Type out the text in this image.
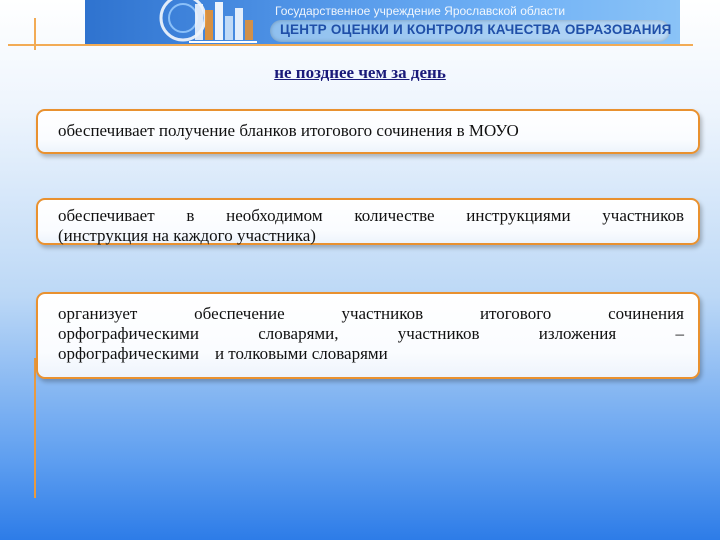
Государственное учреждение Ярославской области
ЦЕНТР ОЦЕНКИ И КОНТРОЛЯ КАЧЕСТВА ОБРАЗОВАНИЯ
не позднее чем за день

обеспечивает получение бланков итогового сочинения в МОУО

обеспечивает в необходимом количестве инструкциями участников

(инструкция на каждого участника)

организует обеспечение участников итогового сочинения

орфографическими словарями, участников изложения –

орфографическими и толковыми словарями
